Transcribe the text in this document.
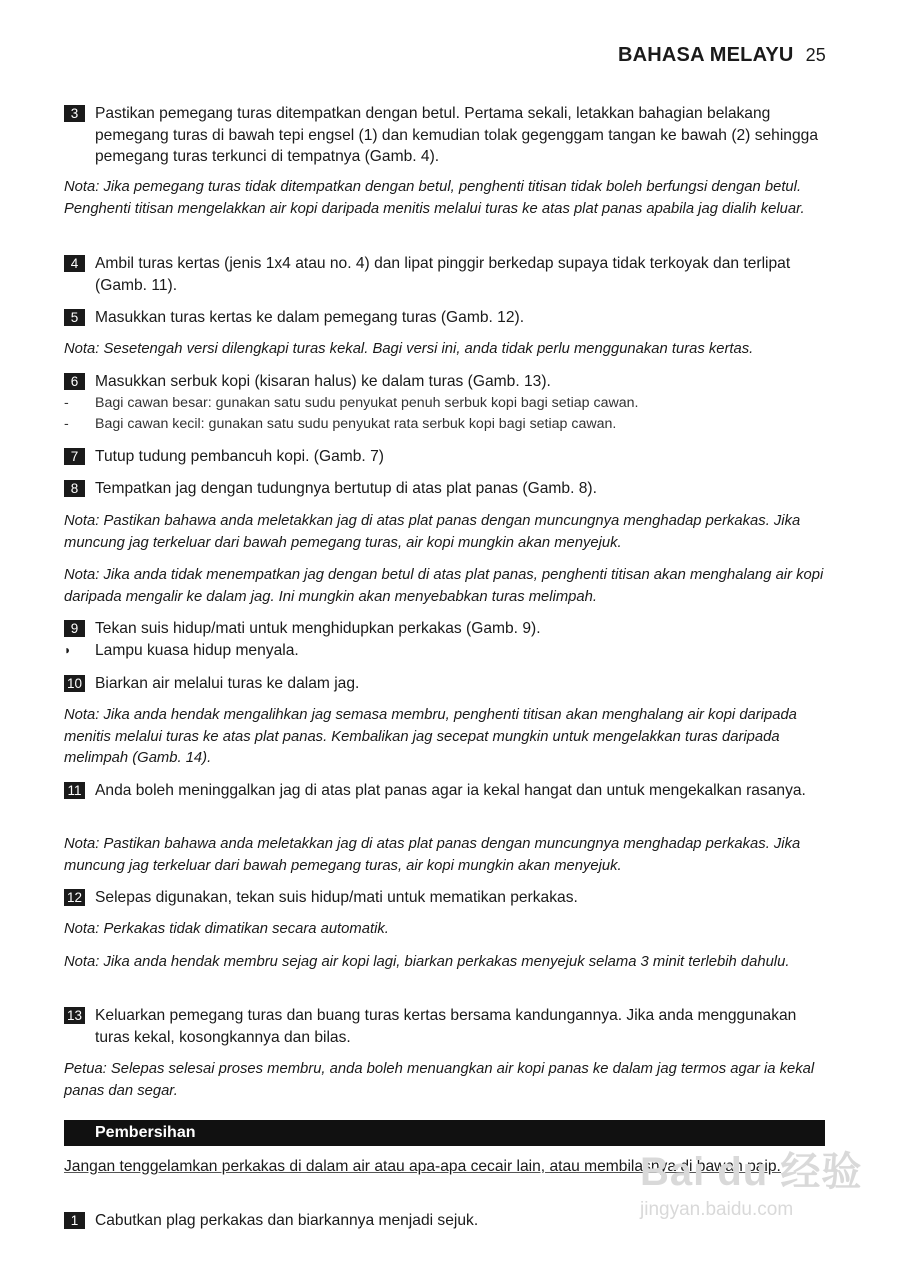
BAHASA MELAYU 25
3	Pastikan pemegang turas ditempatkan dengan betul. Pertama sekali, letakkan bahagian belakang pemegang turas di bawah tepi engsel (1) dan kemudian tolak gegenggam tangan ke bawah (2) sehingga pemegang turas terkunci di tempatnya (Gamb. 4).
Nota: Jika pemegang turas tidak ditempatkan dengan betul, penghenti titisan tidak boleh berfungsi dengan betul. Penghenti titisan mengelakkan air kopi daripada menitis melalui turas ke atas plat panas apabila jag dialih keluar.
4	Ambil turas kertas (jenis 1x4 atau no. 4) dan lipat pinggir berkedap supaya tidak terkoyak dan terlipat (Gamb. 11).
5	Masukkan turas kertas ke dalam pemegang turas (Gamb. 12).
Nota: Sesetengah versi dilengkapi turas kekal. Bagi versi ini, anda tidak perlu menggunakan turas kertas.
6	Masukkan serbuk kopi (kisaran halus) ke dalam turas (Gamb. 13).
- Bagi cawan besar: gunakan satu sudu penyukat penuh serbuk kopi bagi setiap cawan.
- Bagi cawan kecil: gunakan satu sudu penyukat rata serbuk kopi bagi setiap cawan.
7	Tutup tudung pembancuh kopi. (Gamb. 7)
8	Tempatkan jag dengan tudungnya bertutup di atas plat panas (Gamb. 8).
Nota: Pastikan bahawa anda meletakkan jag di atas plat panas dengan muncungnya menghadap perkakas. Jika muncung jag terkeluar dari bawah pemegang turas, air kopi mungkin akan menyejuk.
Nota: Jika anda tidak menempatkan jag dengan betul di atas plat panas, penghenti titisan akan menghalang air kopi daripada mengalir ke dalam jag. Ini mungkin akan menyebabkan turas melimpah.
9	Tekan suis hidup/mati untuk menghidupkan perkakas (Gamb. 9).
◗ Lampu kuasa hidup menyala.
10 Biarkan air melalui turas ke dalam jag.
Nota: Jika anda hendak mengalihkan jag semasa membru, penghenti titisan akan menghalang air kopi daripada menitis melalui turas ke atas plat panas. Kembalikan jag secepat mungkin untuk mengelakkan turas daripada melimpah (Gamb. 14).
11 Anda boleh meninggalkan jag di atas plat panas agar ia kekal hangat dan untuk mengekalkan rasanya.
Nota: Pastikan bahawa anda meletakkan jag di atas plat panas dengan muncungnya menghadap perkakas. Jika muncung jag terkeluar dari bawah pemegang turas, air kopi mungkin akan menyejuk.
12 Selepas digunakan, tekan suis hidup/mati untuk mematikan perkakas.
Nota: Perkakas tidak dimatikan secara automatik.
Nota: Jika anda hendak membru sejag air kopi lagi, biarkan perkakas menyejuk selama 3 minit terlebih dahulu.
13 Keluarkan pemegang turas dan buang turas kertas bersama kandungannya. Jika anda menggunakan turas kekal, kosongkannya dan bilas.
Petua: Selepas selesai proses membru, anda boleh menuangkan air kopi panas ke dalam jag termos agar ia kekal panas dan segar.
Pembersihan
Jangan tenggelamkan perkakas di dalam air atau apa-apa cecair lain, atau membilasnya di bawah paip.
1	Cabutkan plag perkakas dan biarkannya menjadi sejuk.
Bai du 经验
jingyan.baidu.com
